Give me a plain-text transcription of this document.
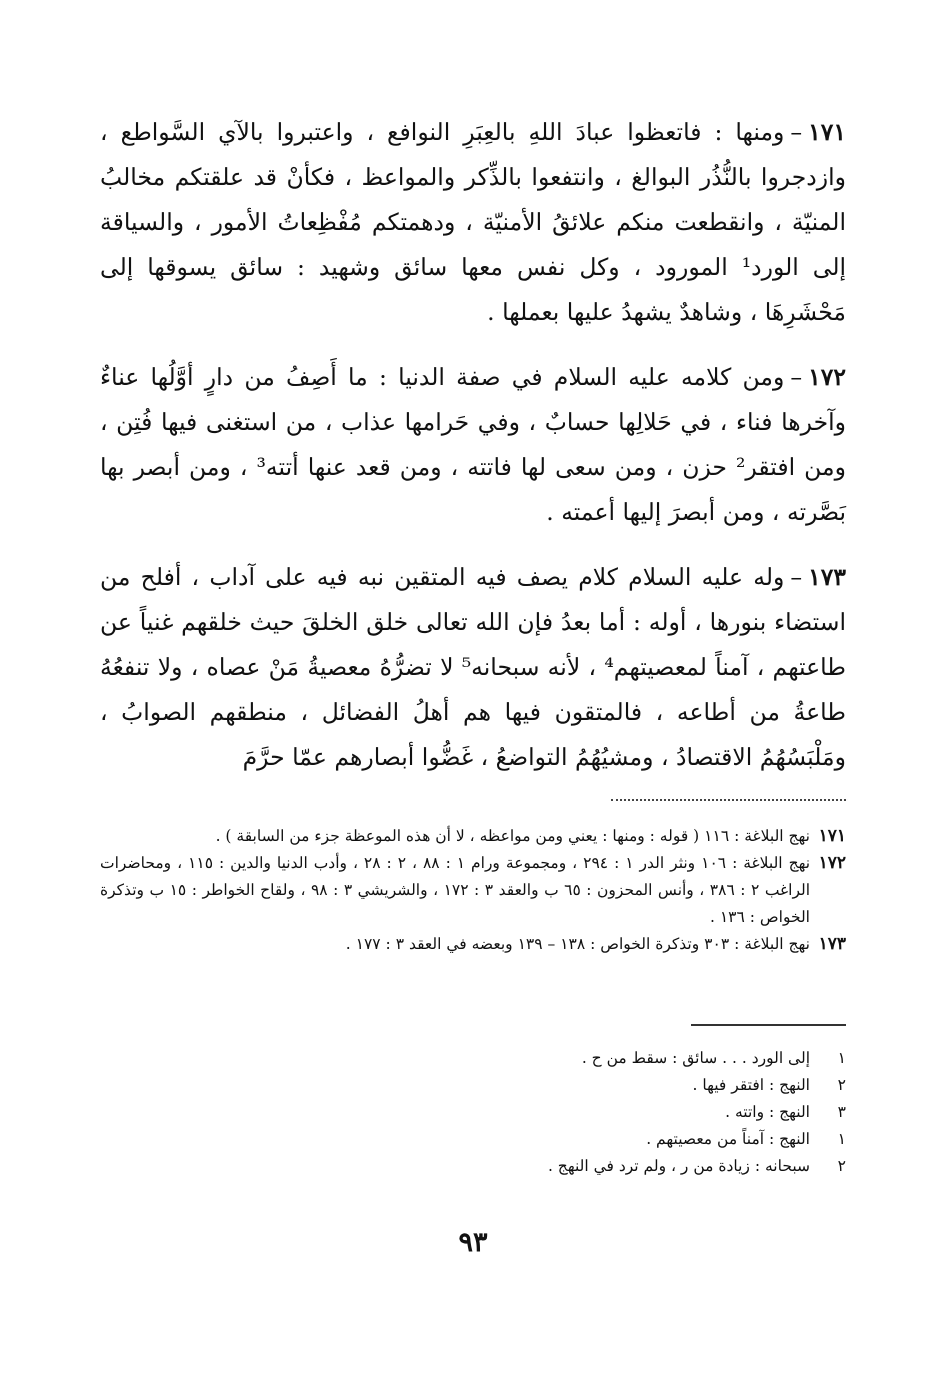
١٧١–ومنها : فاتعظوا عبادَ اللهِ بالعِبَرِ النوافع ، واعتبروا بالآي السَّواطع ، وازدجروا بالنُّذُر البوالغ ، وانتفعوا بالذِّكر والمواعظ ، فكأنْ قد علقتكم مخالبُ المنيّة ، وانقطعت منكم علائقُ الأمنيّة ، ودهمتكم مُفْظِعاتُ الأمور ، والسياقة إلى الورد¹ المورود ، وكل نفس معها سائق وشهيد : سائق يسوقها إلى مَحْشَرِهَا ، وشاهدٌ يشهدُ عليها بعملها .

١٧٢–ومن كلامه عليه السلام في صفة الدنيا : ما أَصِفُ من دارٍ أوَّلُها عناءٌ وآخرها فناء ، في حَلالِها حسابٌ ، وفي حَرامها عذاب ، من استغنى فيها فُتِن ، ومن افتقر² حزن ، ومن سعى لها فاتته ، ومن قعد عنها أتته³ ، ومن أبصر بها بَصَّرته ، ومن أبصرَ إليها أعمته .

١٧٣–وله عليه السلام كلام يصف فيه المتقين نبه فيه على آداب ، أفلح من استضاء بنورها ، أوله : أما بعدُ فإن الله تعالى خلق الخلقَ حيث خلقهم غنياً عن طاعتهم ، آمناً لمعصيتهم⁴ ، لأنه سبحانه⁵ لا تضرُّهُ معصيةُ مَنْ عصاه ، ولا تنفعُهُ طاعةُ من أطاعه ، فالمتقون فيها هم أهلُ الفضائل ، منطقهم الصوابُ ، ومَلْبَسُهُمُ الاقتصادُ ، ومشيُهُمُ التواضعُ ، غَضُّوا أبصارهم عمّا حرَّمَ

١٧١
نهج البلاغة : ١١٦ ( قوله : ومنها : يعني ومن مواعظه ، لا أن هذه الموعظة جزء من السابقة ) .
١٧٢
نهج البلاغة : ١٠٦ ونثر الدر ١ : ٢٩٤ ، ومجموعة ورام ١ : ٨٨ ، ٢ : ٢٨ ، وأدب الدنيا والدين : ١١٥ ، ومحاضرات الراغب ٢ : ٣٨٦ ، وأنس المحزون : ٦٥ ب والعقد ٣ : ١٧٢ ، والشريشي ٣ : ٩٨ ، ولقاح الخواطر : ١٥ ب وتذكرة الخواص : ١٣٦ .
١٧٣
نهج البلاغة : ٣٠٣ وتذكرة الخواص : ١٣٨ – ١٣٩ وبعضه في العقد ٣ : ١٧٧ .
١
إلى الورد . . . سائق : سقط من ح .
٢
النهج : افتقر فيها .
٣
النهج : واتته .
١
النهج : آمناً من معصيتهم .
٢
سبحانه : زيادة من ر ، ولم ترد في النهج .
٩٣
